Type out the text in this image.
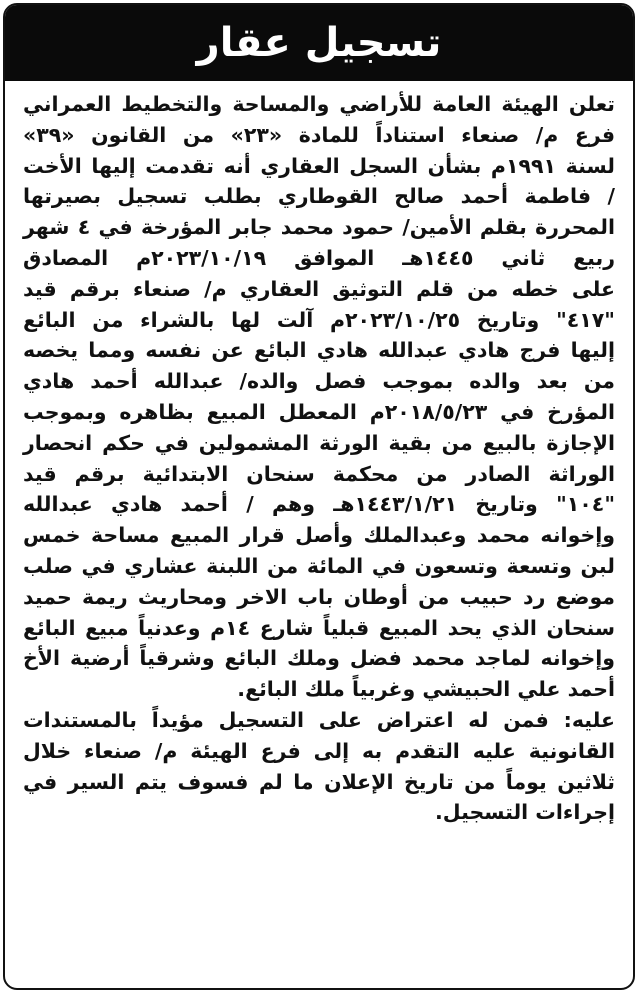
تسجيل عقار
تعلن الهيئة العامة للأراضي والمساحة والتخطيط العمراني
فرع م/ صنعاء استناداً للمادة «٢٣» من القانون «٣٩»
لسنة ١٩٩١م بشأن السجل العقاري أنه تقدمت إليها الأخت
/ فاطمة أحمد صالح القوطاري بطلب تسجيل بصيرتها
المحررة بقلم الأمين/ حمود محمد جابر المؤرخة في ٤ شهر
ربيع ثاني ١٤٤٥هـ الموافق ٢٠٢٣/١٠/١٩م المصادق
على خطه من قلم التوثيق العقاري م/ صنعاء برقم قيد
"٤١٧" وتاريخ ٢٠٢٣/١٠/٢٥م آلت لها بالشراء من البائع
إليها فرج هادي عبدالله هادي البائع عن نفسه ومما يخصه
من بعد والده بموجب فصل والده/ عبدالله أحمد هادي
المؤرخ في ٢٠١٨/٥/٢٣م المعطل المبيع بظاهره وبموجب
الإجازة بالبيع من بقية الورثة المشمولين في حكم انحصار
الوراثة الصادر من محكمة سنحان الابتدائية برقم قيد
"١٠٤" وتاريخ ١٤٤٣/١/٢١هـ وهم / أحمد هادي عبدالله
وإخوانه محمد وعبدالملك وأصل قرار المبيع مساحة خمس
لبن وتسعة وتسعون في المائة من اللبنة عشاري في صلب
موضع رد حبيب من أوطان باب الاخر ومحاريث ريمة حميد
سنحان الذي يحد المبيع قبلياً شارع ١٤م وعدنياً مبيع البائع
وإخوانه لماجد محمد فضل وملك البائع وشرقياً أرضية الأخ
أحمد علي الحبيشي وغربياً ملك البائع.
عليه: فمن له اعتراض على التسجيل مؤيداً بالمستندات
القانونية عليه التقدم به إلى فرع الهيئة م/ صنعاء خلال
ثلاثين يوماً من تاريخ الإعلان ما لم فسوف يتم السير في
إجراءات التسجيل.
